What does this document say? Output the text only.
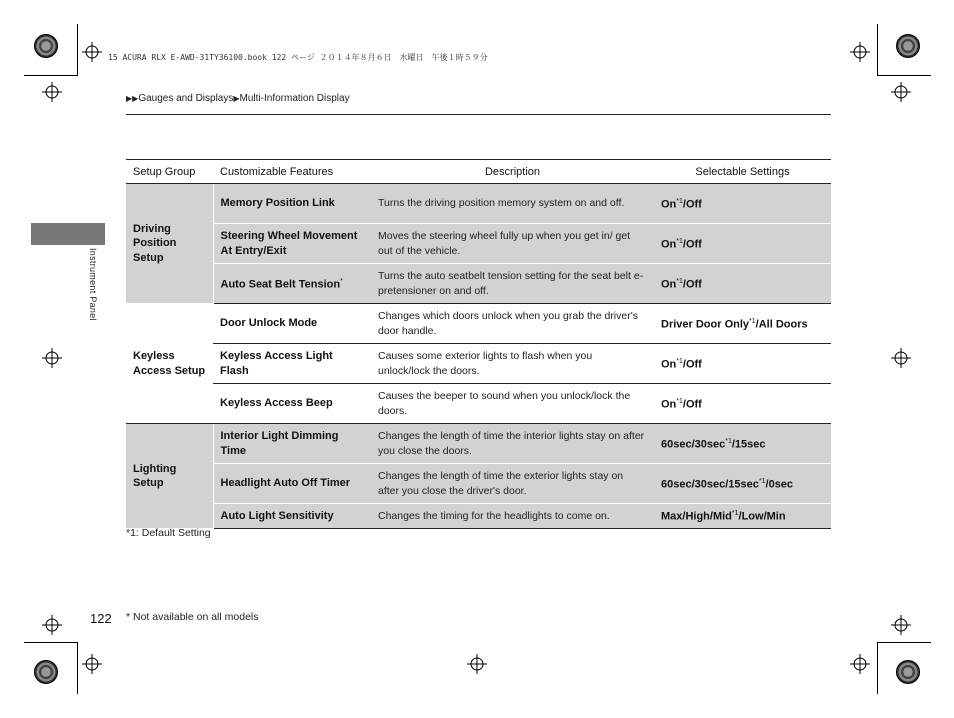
15 ACURA RLX E-AWD-31TY36100.book 122 ページ ２０１４年８月６日　水曜日　午後１時５９分
▶▶Gauges and Displays▶Multi-Information Display
Instrument Panel
Setup Group	Customizable Features	Description	Selectable Settings
Driving Position Setup	Memory Position Link	Turns the driving position memory system on and off.	On$^{*1}$/Off
	Steering Wheel Movement At Entry/Exit	Moves the steering wheel fully up when you get in/ get out of the vehicle.	On$^{*1}$/Off
	Auto Seat Belt Tension*	Turns the auto seatbelt tension setting for the seat belt e-pretensioner on and off.	On$^{*1}$/Off
Keyless Access Setup	Door Unlock Mode	Changes which doors unlock when you grab the driver's door handle.	Driver Door Only$^{*1}$/All Doors
	Keyless Access Light Flash	Causes some exterior lights to flash when you unlock/lock the doors.	On$^{*1}$/Off
	Keyless Access Beep	Causes the beeper to sound when you unlock/lock the doors.	On$^{*1}$/Off
Lighting Setup	Interior Light Dimming Time	Changes the length of time the interior lights stay on after you close the doors.	$60\sec/30\sec^{*1}/15\sec$
	Headlight Auto Off Timer	Changes the length of time the exterior lights stay on after you close the driver's door.	$60\sec/30\sec/15\sec^{*1}/0\sec$
	Auto Light Sensitivity	Changes the timing for the headlights to come on.	Max/High/Mid$^{*1}$/Low/Min
*1: Default Setting
122 * Not available on all models
